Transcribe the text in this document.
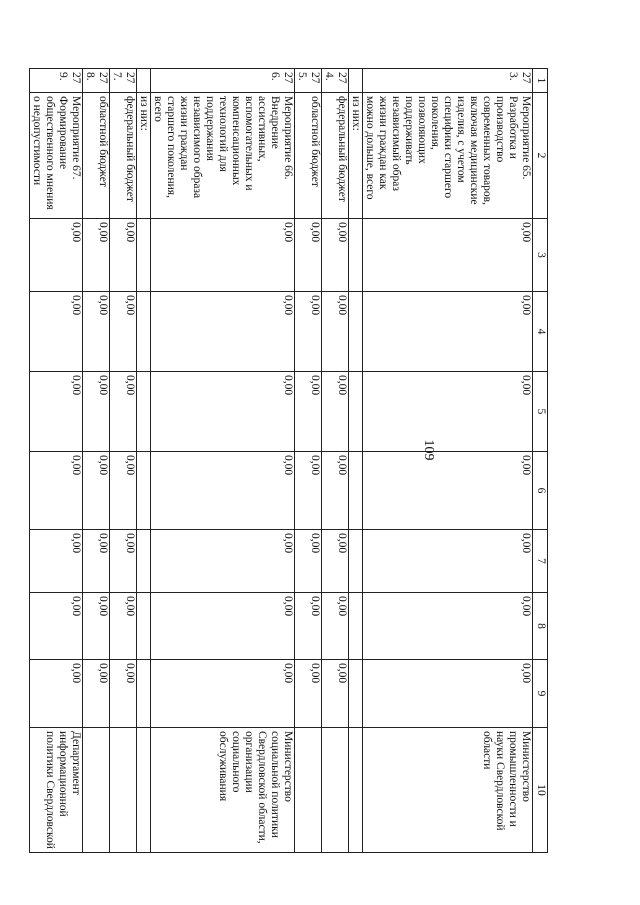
109
1	2	3	4	5	6	7	8	9	10
273.	Мероприятие 65. Разработка и производство современных товаров, включая медицинские изделия, с учетом специфики старшего поколения, позволяющих поддерживать независимый образ жизни граждан как можно дольше, всего	0,00	0,00	0,00	0,00	0,00	0,00	0,00	Министерство промышленности и науки Свердловской области
	из них:								
274.	федеральный бюджет	0,00	0,00	0,00	0,00	0,00	0,00	0,00	
275.	областной бюджет	0,00	0,00	0,00	0,00	0,00	0,00	0,00	
276.	Мероприятие 66. Внедрение ассистивных, вспомогательных и компенсационных технологий для поддержания независимого образа жизни граждан старшего поколения, всего	0,00	0,00	0,00	0,00	0,00	0,00	0,00	Министерство социальной политики Свердловской области, организации социального обслуживания
	из них:								
277.	федеральный бюджет	0,00	0,00	0,00	0,00	0,00	0,00	0,00	
278.	областной бюджет	0,00	0,00	0,00	0,00	0,00	0,00	0,00	
279.	Мероприятие 67. Формирование общественного мнения о недопустимости	0,00	0,00	0,00	0,00	0,00	0,00	0,00	Департамент информационной политики Свердловской
